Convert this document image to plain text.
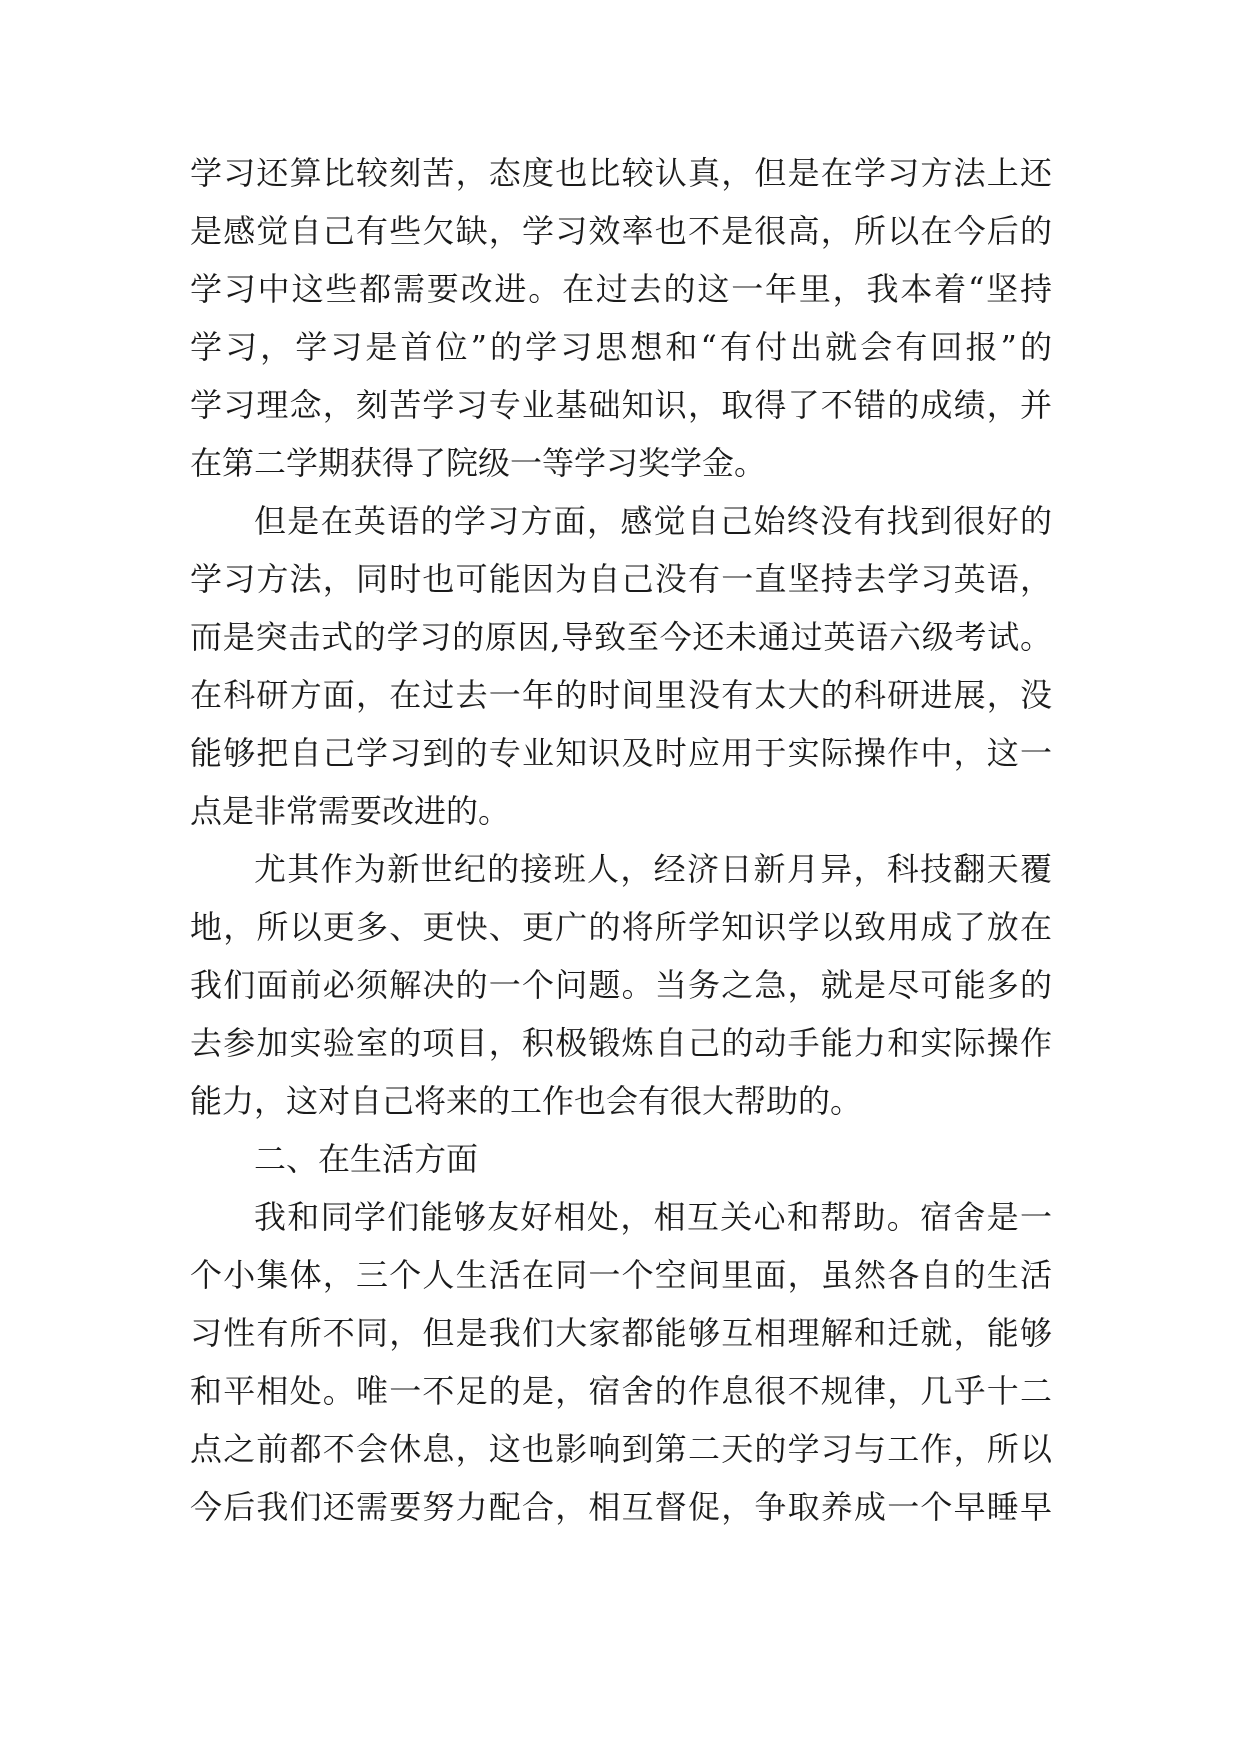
学习还算比较刻苦，态度也比较认真，但是在学习方法上还
是感觉自己有些欠缺，学习效率也不是很高，所以在今后的
学习中这些都需要改进。在过去的这一年里，我本着“坚持
学习，学习是首位”的学习思想和“有付出就会有回报”的
学习理念，刻苦学习专业基础知识，取得了不错的成绩，并
在第二学期获得了院级一等学习奖学金。
但是在英语的学习方面，感觉自己始终没有找到很好的
学习方法，同时也可能因为自己没有一直坚持去学习英语，
而是突击式的学习的原因,导致至今还未通过英语六级考试。
在科研方面，在过去一年的时间里没有太大的科研进展，没
能够把自己学习到的专业知识及时应用于实际操作中，这一
点是非常需要改进的。
尤其作为新世纪的接班人，经济日新月异，科技翻天覆
地，所以更多、更快、更广的将所学知识学以致用成了放在
我们面前必须解决的一个问题。当务之急，就是尽可能多的
去参加实验室的项目，积极锻炼自己的动手能力和实际操作
能力，这对自己将来的工作也会有很大帮助的。
二、在生活方面
我和同学们能够友好相处，相互关心和帮助。宿舍是一
个小集体，三个人生活在同一个空间里面，虽然各自的生活
习性有所不同，但是我们大家都能够互相理解和迁就，能够
和平相处。唯一不足的是，宿舍的作息很不规律，几乎十二
点之前都不会休息，这也影响到第二天的学习与工作，所以
今后我们还需要努力配合，相互督促，争取养成一个早睡早
